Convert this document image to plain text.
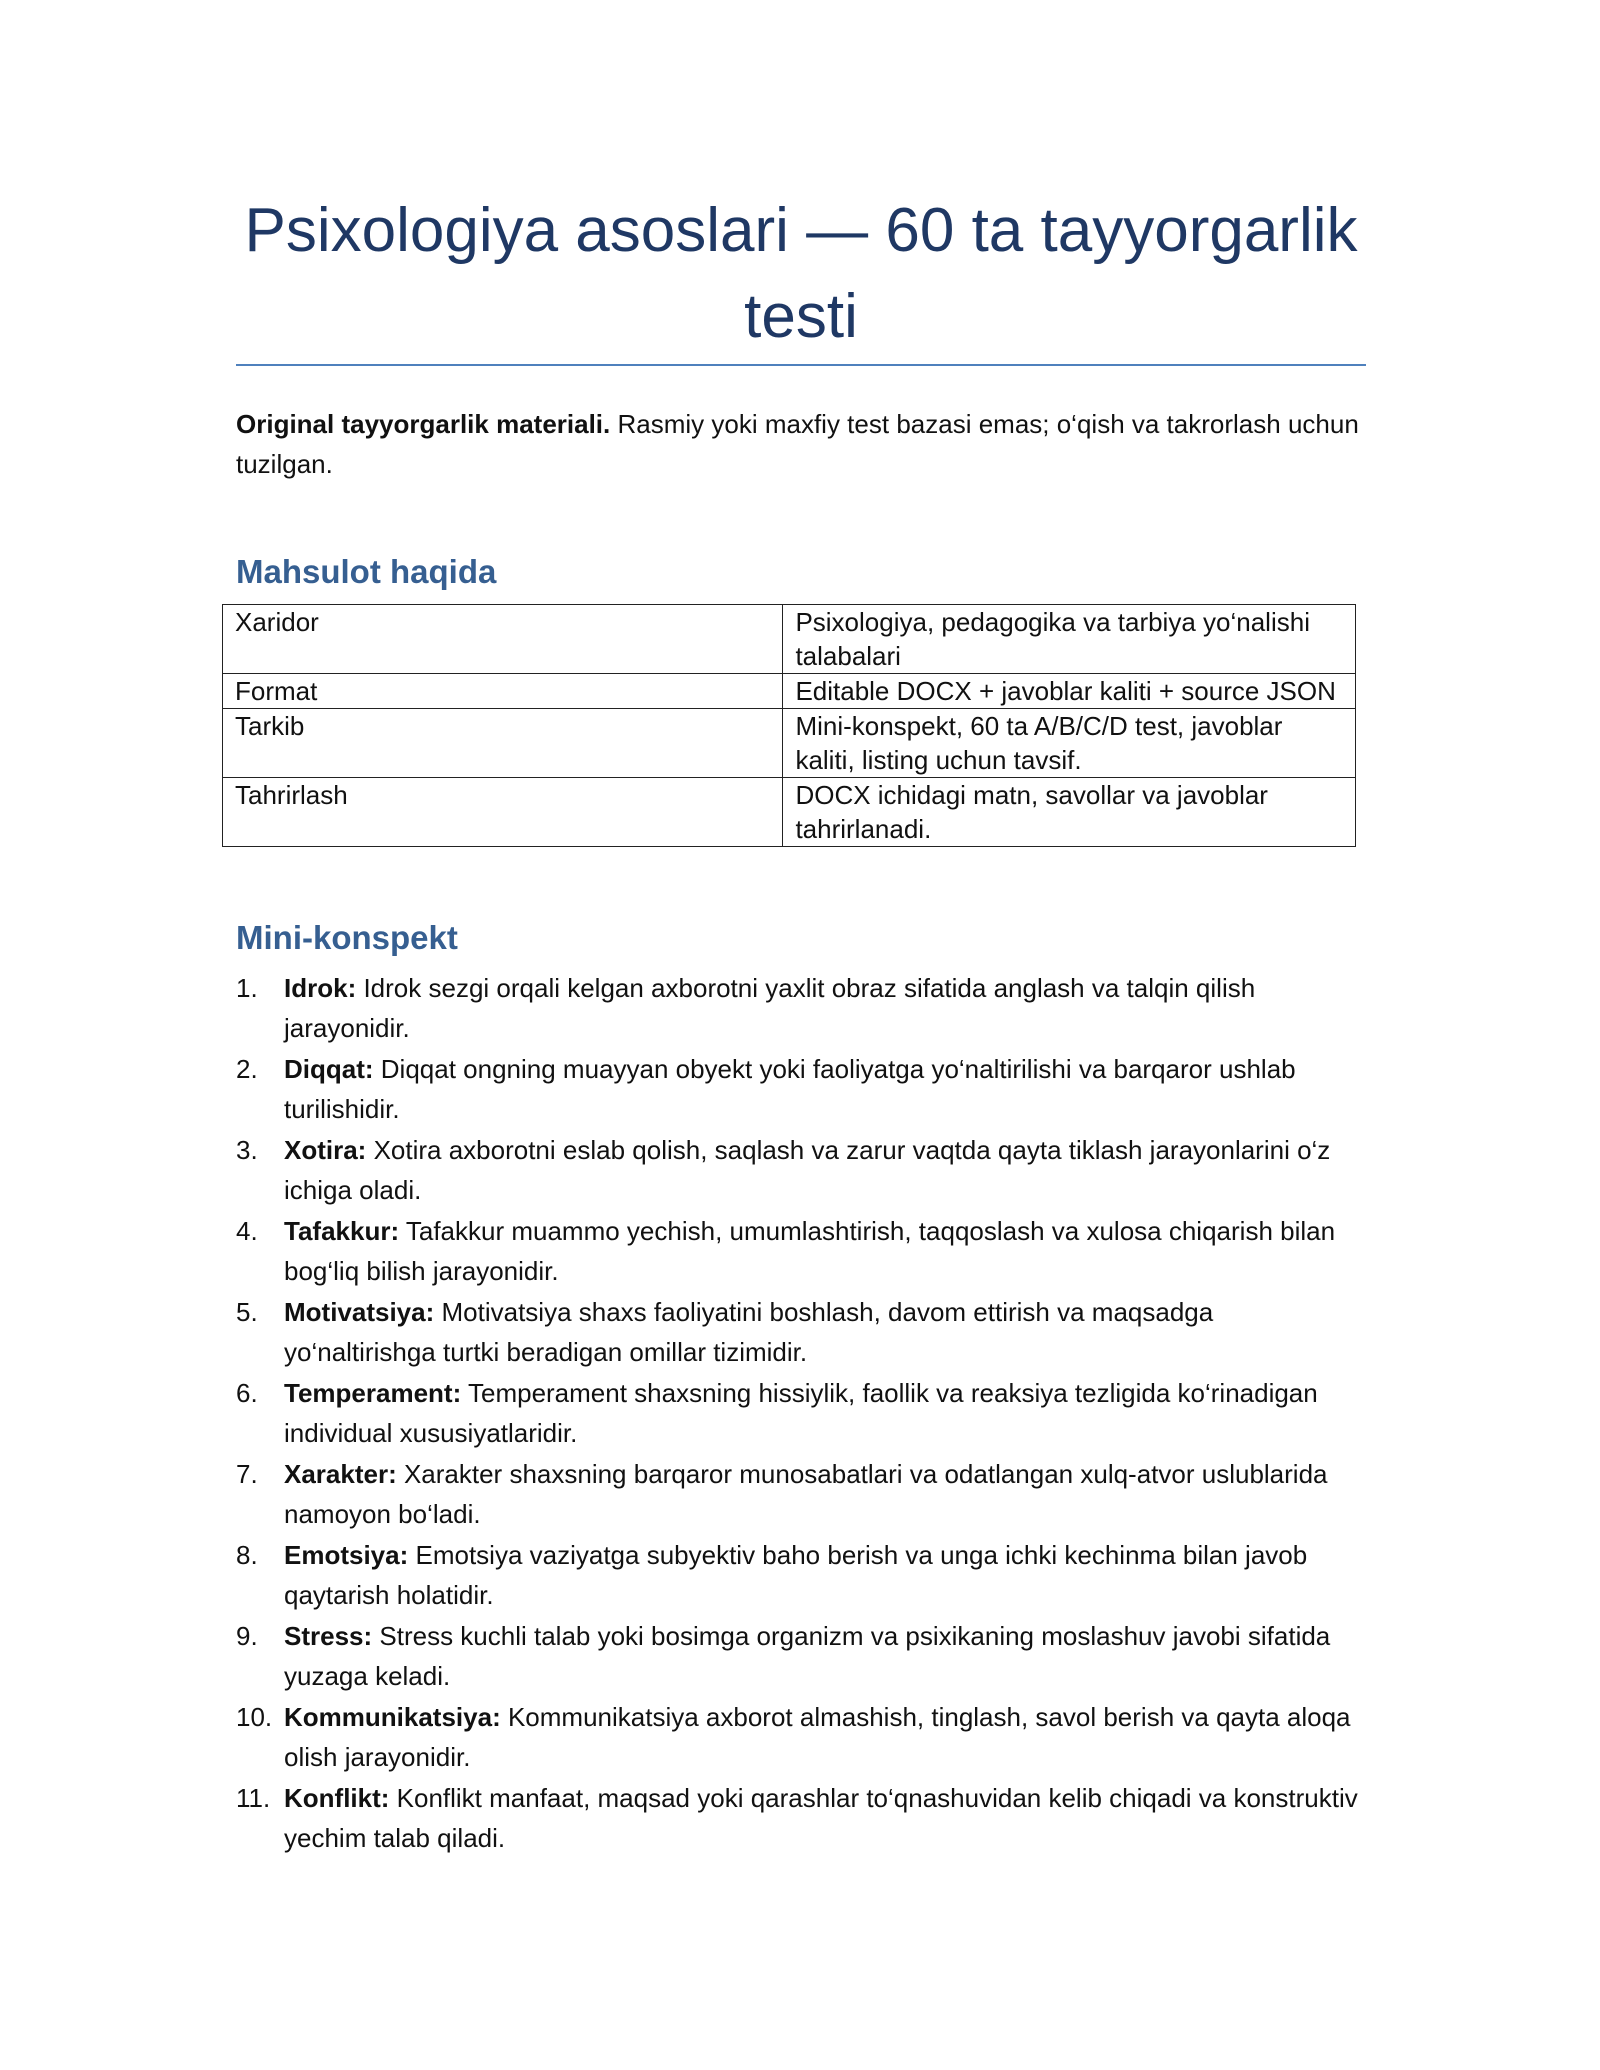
Psixologiya asoslari — 60 ta tayyorgarlik testi

Original tayyorgarlik materiali. Rasmiy yoki maxfiy test bazasi emas; o‘qish va takrorlash uchun tuzilgan.

Mahsulot haqida
Xaridor	Psixologiya, pedagogika va tarbiya yo‘nalishi talabalari
Format	Editable DOCX + javoblar kaliti + source JSON
Tarkib	Mini-konspekt, 60 ta A/B/C/D test, javoblar kaliti, listing uchun tavsif.
Tahrirlash	DOCX ichidagi matn, savollar va javoblar tahrirlanadi.
Mini-konspekt
1. Idrok: Idrok sezgi orqali kelgan axborotni yaxlit obraz sifatida anglash va talqin qilish jarayonidir.
2. Diqqat: Diqqat ongning muayyan obyekt yoki faoliyatga yo‘naltirilishi va barqaror ushlab turilishidir.
3. Xotira: Xotira axborotni eslab qolish, saqlash va zarur vaqtda qayta tiklash jarayonlarini o‘z ichiga oladi.
4. Tafakkur: Tafakkur muammo yechish, umumlashtirish, taqqoslash va xulosa chiqarish bilan bog‘liq bilish jarayonidir.
5. Motivatsiya: Motivatsiya shaxs faoliyatini boshlash, davom ettirish va maqsadga yo‘naltirishga turtki beradigan omillar tizimidir.
6. Temperament: Temperament shaxsning hissiylik, faollik va reaksiya tezligida ko‘rinadigan individual xususiyatlaridir.
7. Xarakter: Xarakter shaxsning barqaror munosabatlari va odatlangan xulq-atvor uslublarida namoyon bo‘ladi.
8. Emotsiya: Emotsiya vaziyatga subyektiv baho berish va unga ichki kechinma bilan javob qaytarish holatidir.
9. Stress: Stress kuchli talab yoki bosimga organizm va psixikaning moslashuv javobi sifatida yuzaga keladi.
10. Kommunikatsiya: Kommunikatsiya axborot almashish, tinglash, savol berish va qayta aloqa olish jarayonidir.
11. Konflikt: Konflikt manfaat, maqsad yoki qarashlar to‘qnashuvidan kelib chiqadi va konstruktiv yechim talab qiladi.
